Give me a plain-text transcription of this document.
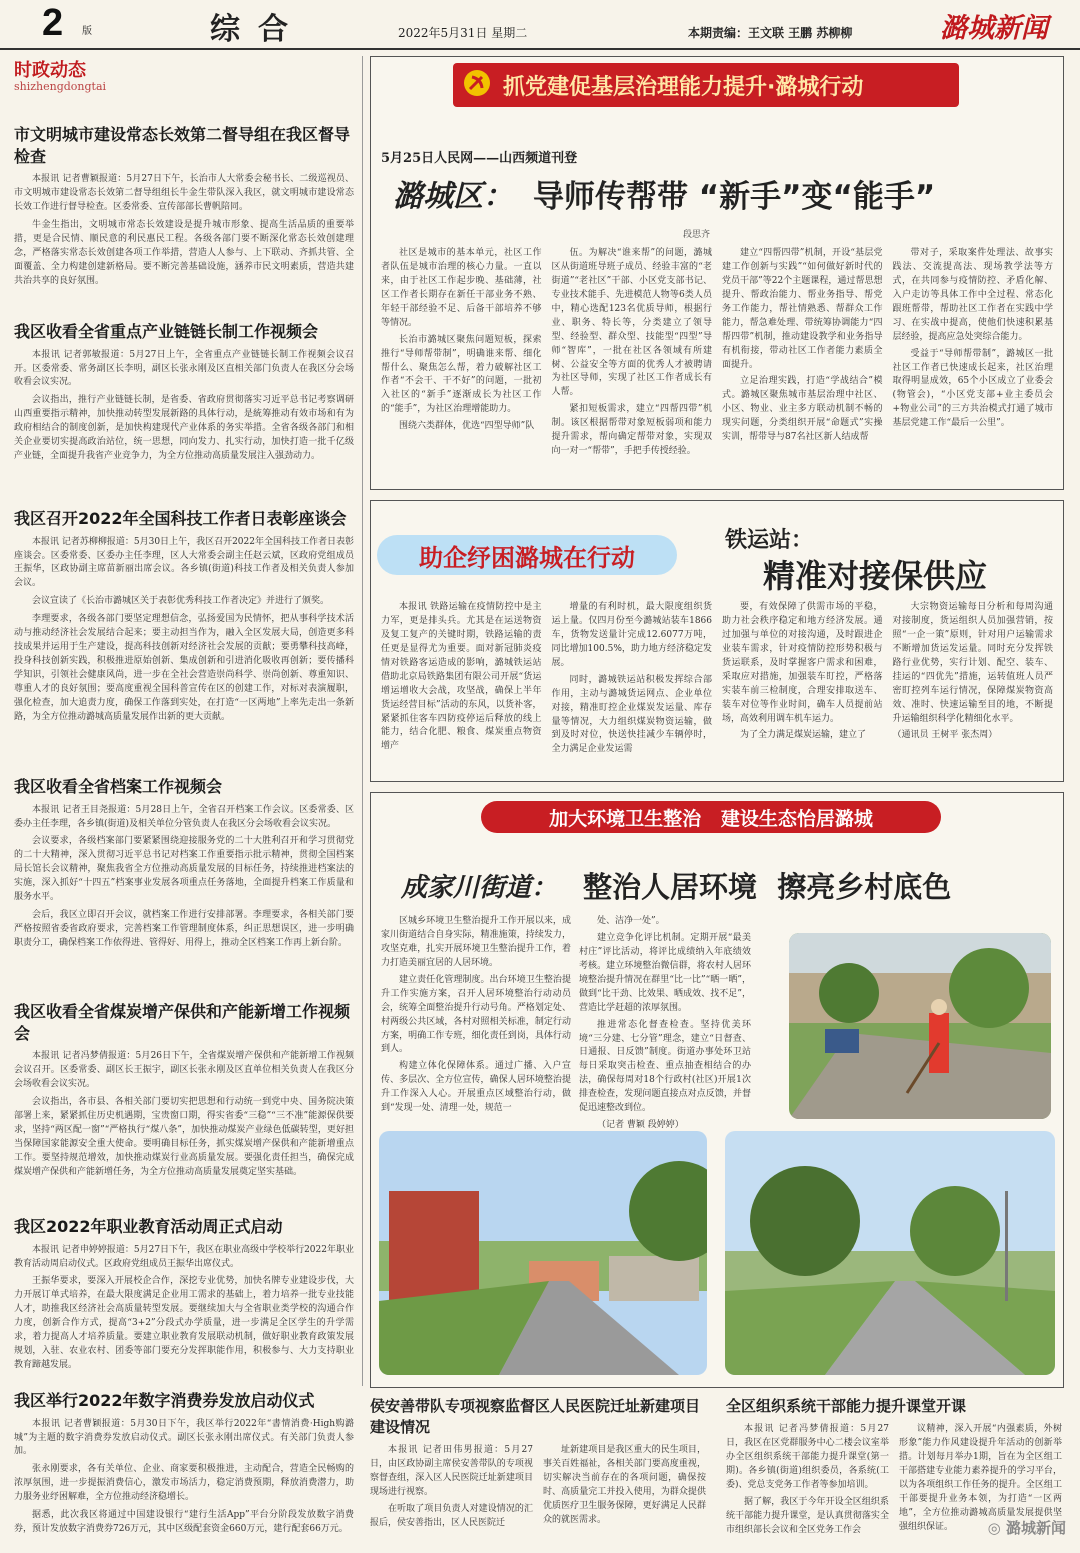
2 版	综合	2022年5月31日 星期二	本期责编：王文联 王鹏 苏柳柳	潞城新闻
时政动态
shizhengdongtai
市文明城市建设常态长效第二督导组在我区督导检查

本报讯 记者曹颖报道：5月27日下午，长治市人大常委会秘书长、二级巡视员、市文明城市建设常态长效第二督导组组长牛金生带队深入我区，就文明城市建设常态长效工作进行督导检查。区委常委、宣传部部长曹帆陪同。

牛金生指出，文明城市常态长效建设是提升城市形象、提高生活品质的重要举措，更是合民情、顺民意的利民惠民工程。各级各部门要不断深化常态长效创建理念，严格落实常态长效创建各项工作举措，营造人人参与、上下联动、齐抓共管、全面覆盖、全力构建创建新格局。要不断完善基础设施，涵养市民文明素质，营造共建共治共享的良好氛围。

我区收看全省重点产业链链长制工作视频会

本报讯 记者郭敏报道：5月27日上午，全省重点产业链链长制工作视频会议召开。区委常委、常务副区长李明，副区长张永刚及区直相关部门负责人在我区分会场收看会议实况。

会议指出，推行产业链链长制，是省委、省政府贯彻落实习近平总书记考察调研山西重要指示精神，加快推动转型发展新路的具体行动，是統筹推动有效市场和有为政府相结合的制度创新，是加快构建现代产业体系的务实举措。全省各级各部门和相关企业要切实提高政治站位，统一思想，同向发力、扎实行动，加快打造一批千亿级产业链，全面提升我省产业竞争力，为全方位推动高质量发展注入强劲动力。

我区召开2022年全国科技工作者日表彰座谈会

本报讯 记者苏柳柳报道：5月30日上午，我区召开2022年全国科技工作者日表彰座谈会。区委常委、区委办主任李理，区人大常委会副主任赵云斌，区政府党组成员王振华，区政协副主席苗新丽出席会议。各乡镇(街道)科技工作者及相关负责人参加会议。

会议宣读了《长治市潞城区关于表彰优秀科技工作者决定》并进行了颁奖。

李理要求，各级各部门要坚定理想信念，弘扬爱国为民情怀，把从事科学技术活动与推动经济社会发展结合起来；要主动担当作为，融入全区发展大局，创造更多科技成果并运用于生产建设，提高科技创新对经济社会发展的贡献；要勇攀科技高峰，投身科技创新实践，积极推进原始创新、集成创新和引进消化吸收再创新；要传播科学知识，引领社会健康风尚，进一步在全社会营造崇尚科学、崇尚创新、尊重知识、尊重人才的良好氛围；要高度重视全国科普宣传在区的创建工作，对标对表演履职，强化检查，加大追责力度，确保工作落到实处，在打造“一区两地”上率先走出一条新路，为全方位推动潞城高质量发展作出新的更大贡献。

我区收看全省档案工作视频会

本报讯 记者王目尧报道：5月28日上午，全省召开档案工作会议。区委常委、区委办主任李理，各乡镇(街道)及相关单位分管负责人在我区分会场收看会议实况。

会议要求，各级档案部门要紧紧围绕迎接服务党的二十大胜利召开和学习贯彻党的二十大精神，深入贯彻习近平总书记对档案工作重要指示批示精神，贯彻全国档案局长馆长会议精神，聚焦我省全方位推动高质量发展的目标任务，持续推进档案法的实施，深入抓好“十四五”档案事业发展各项重点任务落地，全面提升档案工作质量和服务水平。

会后，我区立即召开会议，就档案工作进行安排部署。李理要求，各相关部门要严格按照省委省政府要求，完善档案工作管理制度体系，纠正思想误区，进一步明确职责分工，确保档案工作依得进、管得好、用得上，推动全区档案工作再上新台阶。

我区收看全省煤炭增产保供和产能新增工作视频会

本报讯 记者冯梦倩报道：5月26日下午，全省煤炭增产保供和产能新增工作视频会议召开。区委常委、副区长王振宇，副区长张永刚及区直单位相关负责人在我区分会场收看会议实况。

会议指出，各市县、各相关部门要切实把思想和行动统一到党中央、国务院决策部署上来，紧紧抓住历史机遇期，宝贵窗口期，得实省委“三稳”“三不准”能源保供要求，坚持“两区配一窗”“严格执行“煤八条”，加快推动煤炭产业绿色低碳转型，更好担当保障国家能源安全重大使命。要明确目标任务，抓实煤炭增产保供和产能新增重点工作。要坚持规范增效，加快推动煤炭行业高质量发展。要强化责任担当，确保完成煤炭增产保供和产能新增任务，为全方位推动高质量发展奠定坚实基础。

我区2022年职业教育活动周正式启动

本报讯 记者申婷婷报道：5月27日下午，我区在职业高级中学校举行2022年职业教育活动周启动仪式。区政府党组成员王振华出席仪式。

王振华要求，要深入开展校企合作，深挖专业优势，加快名牌专业建设步伐，大力开展订单式培养，在最大限度满足企业用工需求的基础上，着力培养一批专业技能人才，助推我区经济社会高质量转型发展。要继续加大与全省职业类学校的沟通合作力度，创新合作方式，提高“3+2”分段式办学质量，进一步满足全区学生的升学需求，着力提高人才培养质量。要建立职业教育发展联动机制，做好职业教育政策发展规划，入驻、农业农村、团委等部门要充分发挥职能作用，积极参与、大力支持职业教育蹄越发展。

我区举行2022年数字消费券发放启动仪式

本报讯 记者曹颖报道：5月30日下午，我区举行2022年“書情消费·High购潞城”为主题的数字消费券发放启动仪式。副区长张永刚出席仪式。有关部门负责人参加。

张永刚要求，各有关单位、企业、商家要积极推进，主动配合，营造全民畅购的浓厚氛围，进一步提振消费信心，激发市场活力，稳定消费预期，释放消费潜力，助力服务业纾困解难，全方位推动经济稳增长。

据悉，此次我区将通过中国建设银行“建行生活App”平台分阶段发放数字消费券，预计发放数字消费券726万元，其中区级配套资金660万元，建行配套66万元。

抓党建促基层治理能力提升·潞城行动
5月25日人民网——山西频道刊登
潞城区： 导师传帮带 “新手”变“能手”
段思齐

社区是城市的基本单元，社区工作者队伍是城市治理的核心力量。一直以来，由于社区工作起步晚、基础薄，社区工作者长期存在新任干部业务不熟、年轻干部经验不足、后备干部培养不够等情况。

长治市潞城区聚焦问题短板，探索推行“导师帮带制”，明确谁来帮、细化帮什么、聚焦怎么帮，着力破解社区工作者“不会干、干不好”的问题，一批初入社区的“新手”逐渐成长为社区工作的“能手”，为社区治理增能助力。

围绕六类群体，优选“四型导师”队

伍。为解决“谁来帮”的问题，潞城区从街道班导班子成员、经验丰富的“老街道”“老社区”干部、小区党支部书记、专业技术能手、先进模范人物等6类人员中，精心选配123名优质导师，根据行业、职务、特长等，分类建立了领导型、经验型、群众型、技能型“四型”导师“智库”，一批在社区各领域有所建树、公益安全等方面的优秀人才被聘请为社区导师，实现了社区工作者成长有人帮。

紧扣短板需求，建立“四帮四带”机制。该区根据帮带对象短板弱项和能力提升需求，帮向确定帮带对象，实现双向一对一“帮带”，手把手传授经验。

建立“四帮四带”机制，开设“基层党建工作创新与实践”“如何做好新时代的党员干部”等22个主题课程，通过帮思想提升、帮政治能力、帮业务指导、帮党务工作能力，帮社情熟悉、帮群众工作能力，帮急难处理、带统筹协调能力“四帮四带”机制，推动建设教学和业务指导有机衔接，带动社区工作者能力素质全面提升。

立足治理实践，打造“学战结合”模式。潞城区聚焦城市基层治理中社区、小区、物业、业主多方联动机制不畅的现实问题，分类组织开展“命题式”实操实训，帮带导与87名社区新人结成帮

带对子，采取案件处理法、故事实践法、交流提高法、现场教学法等方式，在共同参与疫情防控、矛盾化解、入户走访等具体工作中全过程、常态化跟班帮带，帮助社区工作者在实践中学习、在实战中提高，使他们快速积累基层经验，提高应急处突综合能力。

受益于“导师帮带制”，潞城区一批社区工作者已快速成长起来，社区治理取得明显成效，65个小区成立了业委会(物管会)，“小区党支部+业主委员会+物业公司”的三方共治模式打通了城市基层党建工作“最后一公里”。

助企纾困潞城在行动
铁运站：
精准对接保供应

本报讯 铁路运输在疫情防控中是主力军，更是排头兵。尤其是在运送物资及复工复产的关键时期，铁路运输的责任更是显得尤为重要。面对新冠肺炎疫情对铁路客运造成的影响，潞城铁运站借助北京局铁路集团有限公司开展“货运增运增收大会战，攻坚战，确保上半年货运经营目标”活动的东风，以货补客，紧紧抓住客车四防疫停运后释放的线上能力，结合化肥、粮食、煤炭重点物资增产

增量的有利时机，最大限度组织货运上量。仅四月份至今潞城站装车1866车，货物发送量计完成12.6077万吨，同比增加100.5%，助力地方经济稳定发展。

同时，潞城铁运站积极发挥综合部作用，主动与潞城货运网点、企业单位对接，精准盯控企业煤炭发运量、库存量等情况，大力组织煤炭物资运输，做到及时对位，快送快挂减少车辆停时，全力满足企业发运需

要，有效保障了供需市场的平稳，助力社会秩序稳定和地方经济发展。通过加强与单位的对接沟通，及时跟进企业装车需求，针对疫情防控形势积极与货运联系，及时掌握客户需求和困难，采取应对措施，加强装车盯控，严格落实装车前三检制度，合理安排取送车、装车对位等作业时间，确车人员提前站场，高效利用调车机车运力。

为了全力满足煤炭运输，建立了

大宗物资运输每日分析和每周沟通对接制度，货运组织人员加强营销，按照“一企一策”原则，针对用户运输需求不断增加货运发运量。同时充分发挥铁路行业优势，实行计划、配空、装车、挂运的“四优先”措施，运转值班人员严密盯控列车运行情况，保障煤炭物资高效、准时、快速运输至目的地，不断提升运输组织科学化精细化水平。

（通讯员 王树平 张杰周）

加大环境卫生整治   建设生态怡居潞城
成家川街道： 整治人居环境  擦亮乡村底色

区城乡环境卫生整治提升工作开展以来，成家川街道结合自身实际，精准施策，持续发力，攻坚克难，扎实开展环境卫生整治提升工作，着力打造美丽宜居的人居环境。

建立责任化管理制度。出台环境卫生整治提升工作实施方案，召开人居环境整治行动动员会，统筹全面整治提升行动号角。严格划定处、村两级公共区域，各村对照相关标准，制定行动方案，明确工作专班，细化责任到岗，具体行动到人。

构建立体化保障体系。通过广播、入户宣传、多层次、全方位宣传，确保人居环境整治提升工作深入人心。开展重点区域整治行动，做到“发现一处、清理一处，规范一

处、洁净一处”。

建立竞争化评比机制。定期开展“最美村庄”评比活动，将评比成绩纳入年底绩效考核。建立环境整治微信群，将农村人居环境整治提升情况在群里“比一比”“晒一晒”，做到“比干劲、比效果、晒成效、找不足”，营造比学赶超的浓厚氛围。

推进常态化督查检查。坚持优美环境“三分建、七分管”理念，建立“日督查、日通报、日反馈”制度。街道办事处环卫站每日采取突击检查、重点抽查相结合的办法，确保每周对18个行政村(社区)开展1次排查检查，发现问题直接点对点反馈，并督促迅速整改到位。

（记者 曹颖 段婷婷）

侯安善带队专项视察监督区人民医院迁址新建项目建设情况

本报讯 记者田伟男报道：5月27日，由区政协副主席侯安善带队的专项视察督查组，深入区人民医院迁址新建项目现场进行视察。

在听取了项目负责人对建设情况的汇报后，侯安善指出，区人民医院迁

址新建项目是我区重大的民生项目，事关百姓福祉，各相关部门要高度重视，切实解决当前存在的各项问题，确保按时、高质量完工并投入使用，为群众提供优质医疗卫生服务保障，更好满足人民群众的就医需求。

全区组织系统干部能力提升课堂开课

本报讯 记者冯梦倩报道：5月27日，我区在区党群服务中心二楼会议室举办全区组织系统干部能力提升课堂(第一期)。各乡镇(街道)组织委员，各系统(工委)、党总支党务工作者等参加培训。

据了解，我区于今年开设全区组织系统干部能力提升课堂，是认真贯彻落实全市组织部长会议和全区党务工作会

议精神，深入开展“内强素质，外树形象”能力作风建设提升年活动的创新举措。计划每月举办1期，旨在为全区组工干部搭建专业能力素养提升的学习平台，以为各项组织工作任务的提升。全区组工干部要提升业务本领，为打造“一区两地”，全方位推动潞城高质量发展提供坚强组织保证。	◎ 潞城新闻
